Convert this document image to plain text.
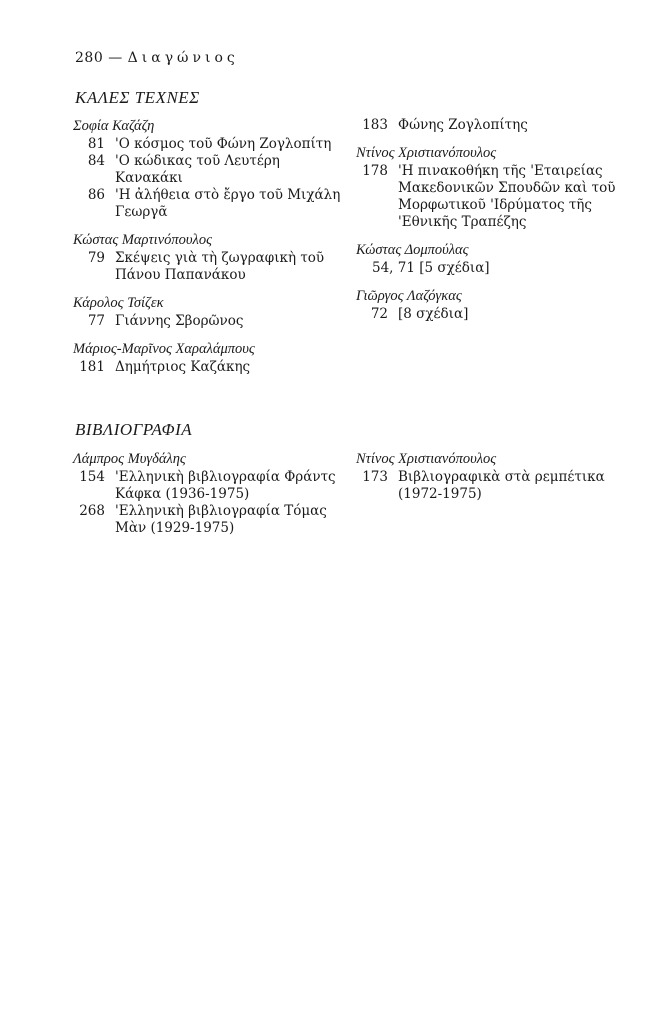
280 — Διαγώνιος
ΚΑΛΕΣ ΤΕΧΝΕΣ

Σοφία Καζάζη

81 'Ο κόσμος τοῦ Φώνη Ζογλοπίτη
84 'Ο κώδικας τοῦ Λευτέρη Κανακάκι
86 'Η ἀλήθεια στὸ ἔργο τοῦ Μιχάλη Γεωργᾶ

Κώστας Μαρτινόπουλος

79 Σκέψεις γιὰ τὴ ζωγραφικὴ τοῦ Πάνου Παπανάκου

Κάρολος Τσίζεκ

77 Γιάννης Σβορῶνος

Μάριος-Μαρῖνος Χαραλάμπους

181 Δημήτριος Καζάκης
183 Φώνης Ζογλοπίτης

Ντίνος Χριστιανόπουλος

178 'Η πινακοθήκη τῆς 'Εταιρείας Μακεδονικῶν Σπουδῶν καὶ τοῦ Μορφωτικοῦ 'Ιδρύματος τῆς 'Εθνικῆς Τραπέζης

Κώστας Δομπούλας

54, 71 [5 σχέδια]

Γιῶργος Λαζόγκας

72 [8 σχέδια]
ΒΙΒΛΙΟΓΡΑΦΙΑ

Λάμπρος Μυγδάλης

154 'Ελληνικὴ βιβλιογραφία Φράντς Κάφκα (1936-1975)
268 'Ελληνικὴ βιβλιογραφία Τόμας Μὰν (1929-1975)

Ντίνος Χριστιανόπουλος

173 Βιβλιογραφικὰ στὰ ρεμπέτικα (1972-1975)
